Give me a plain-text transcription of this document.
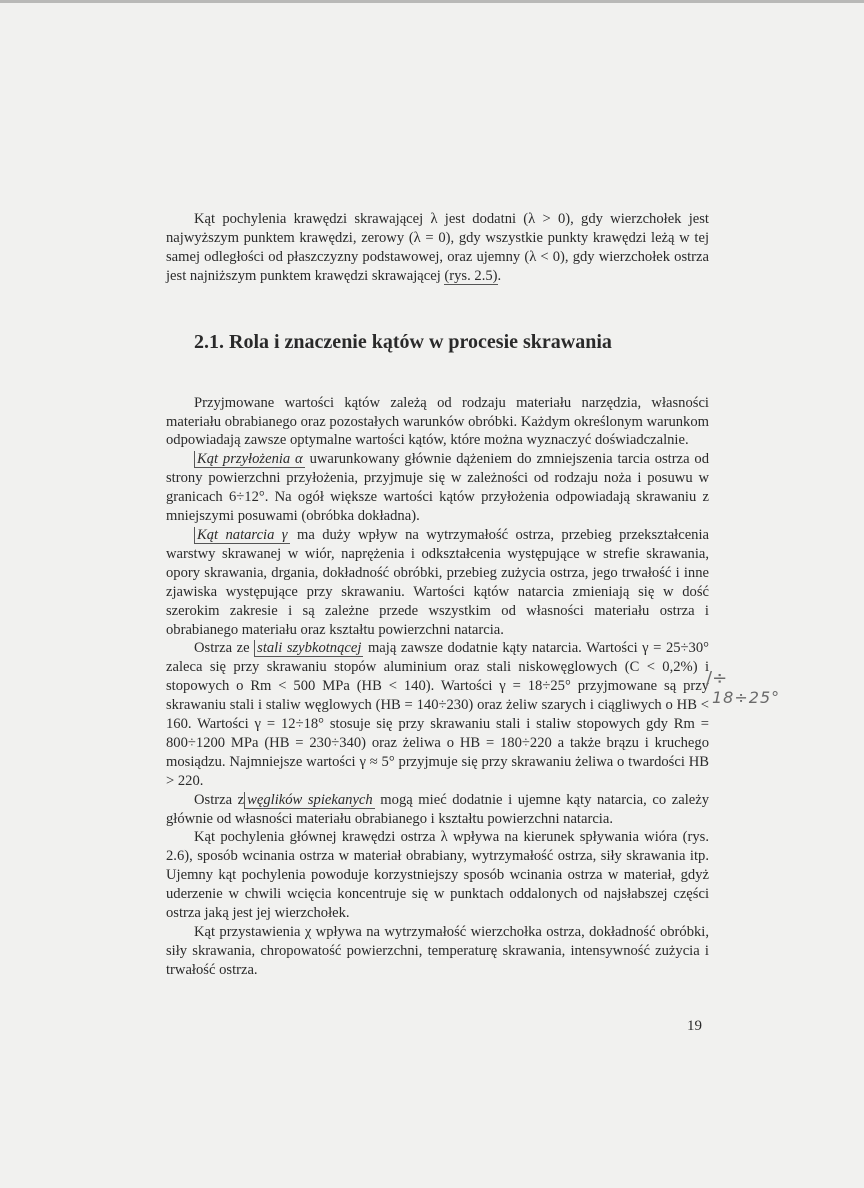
Kąt pochylenia krawędzi skrawającej λ jest dodatni (λ > 0), gdy wierzchołek jest najwyższym punktem krawędzi, zerowy (λ = 0), gdy wszystkie punkty krawędzi leżą w tej samej odległości od płaszczyzny podstawowej, oraz ujemny (λ < 0), gdy wierzchołek ostrza jest najniższym punktem krawędzi skrawającej (rys. 2.5).

2.1. Rola i znaczenie kątów w procesie skrawania

Przyjmowane wartości kątów zależą od rodzaju materiału narzędzia, własności materiału obrabianego oraz pozostałych warunków obróbki. Każdym określonym warunkom odpowiadają zawsze optymalne wartości kątów, które można wyznaczyć doświadczalnie.

Kąt przyłożenia α uwarunkowany głównie dążeniem do zmniejszenia tarcia ostrza od strony powierzchni przyłożenia, przyjmuje się w zależności od rodzaju noża i posuwu w granicach 6÷12°. Na ogół większe wartości kątów przyłożenia odpowiadają skrawaniu z mniejszymi posuwami (obróbka dokładna).

Kąt natarcia γ ma duży wpływ na wytrzymałość ostrza, przebieg przekształcenia warstwy skrawanej w wiór, naprężenia i odkształcenia występujące w strefie skrawania, opory skrawania, drgania, dokładność obróbki, przebieg zużycia ostrza, jego trwałość i inne zjawiska występujące przy skrawaniu. Wartości kątów natarcia zmieniają się w dość szerokim zakresie i są zależne przede wszystkim od własności materiału ostrza i obrabianego materiału oraz kształtu powierzchni natarcia.

Ostrza ze stali szybkotnącej mają zawsze dodatnie kąty natarcia. Wartości γ = 25÷30° zaleca się przy skrawaniu stopów aluminium oraz stali niskowęglowych (C < 0,2%) i stopowych o Rm < 500 MPa (HB < 140). Wartości γ = 18÷25° przyjmowane są przy skrawaniu stali i staliw węglowych (HB = 140÷230) oraz żeliw szarych i ciągliwych o HB < 160. Wartości γ = 12÷18° stosuje się przy skrawaniu stali i staliw stopowych gdy Rm = 800÷1200 MPa (HB = 230÷340) oraz żeliwa o HB = 180÷220 a także brązu i kruchego mosiądzu. Najmniejsze wartości γ ≈ 5° przyjmuje się przy skrawaniu żeliwa o twardości HB > 220.

Ostrza z węglików spiekanych mogą mieć dodatnie i ujemne kąty natarcia, co zależy głównie od własności materiału obrabianego i kształtu powierzchni natarcia.

Kąt pochylenia głównej krawędzi ostrza λ wpływa na kierunek spływania wióra (rys. 2.6), sposób wcinania ostrza w materiał obrabiany, wytrzymałość ostrza, siły skrawania itp. Ujemny kąt pochylenia powoduje korzystniejszy sposób wcinania ostrza w materiał, gdyż uderzenie w chwili wcięcia koncentruje się w punktach oddalonych od najsłabszej części ostrza jaką jest jej wierzchołek.

Kąt przystawienia χ wpływa na wytrzymałość wierzchołka ostrza, dokładność obróbki, siły skrawania, chropowatość powierzchni, temperaturę skrawania, intensywność zużycia i trwałość ostrza.

/÷
18÷25°
19
